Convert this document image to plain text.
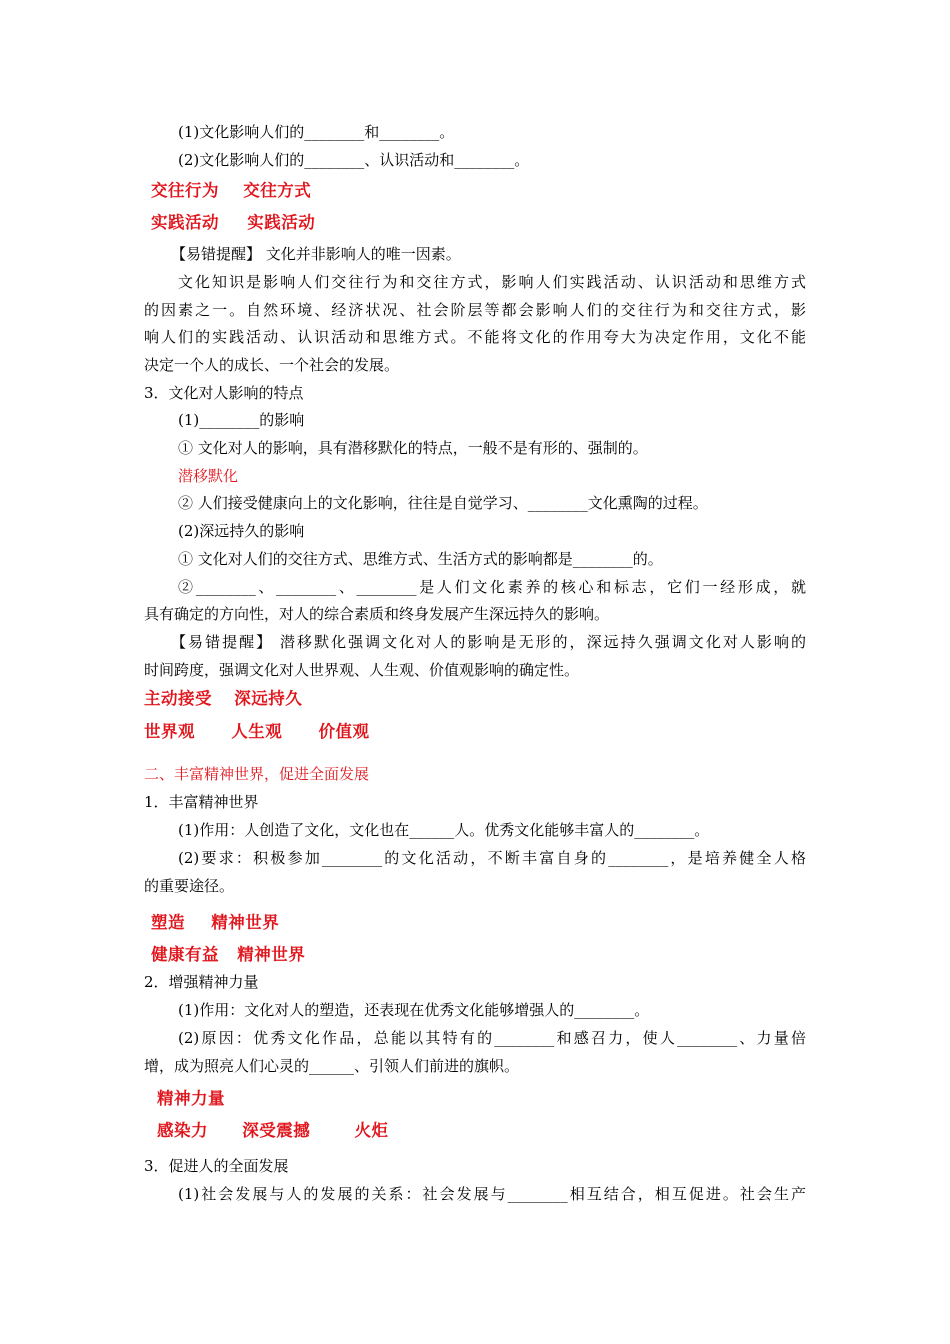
(1)文化影响人们的________和________。
(2)文化影响人们的________、认识活动和________。
交往行为 交往方式
实践活动 实践活动
【易错提醒】 文化并非影响人的唯一因素。
文化知识是影响人们交往行为和交往方式，影响人们实践活动、认识活动和思维方式
的因素之一。自然环境、经济状况、社会阶层等都会影响人们的交往行为和交往方式，影
响人们的实践活动、认识活动和思维方式。不能将文化的作用夸大为决定作用，文化不能
决定一个人的成长、一个社会的发展。
3．文化对人影响的特点
(1)________的影响
① 文化对人的影响，具有潜移默化的特点，一般不是有形的、强制的。
潜移默化
② 人们接受健康向上的文化影响，往往是自觉学习、________文化熏陶的过程。
(2)深远持久的影响
① 文化对人们的交往方式、思维方式、生活方式的影响都是________的。
②________、________、________是人们文化素养的核心和标志，它们一经形成，就
具有确定的方向性，对人的综合素质和终身发展产生深远持久的影响。
【易错提醒】 潜移默化强调文化对人的影响是无形的，深远持久强调文化对人影响的
时间跨度，强调文化对人世界观、人生观、价值观影响的确定性。
主动接受 深远持久
世界观 人生观 价值观
二、丰富精神世界，促进全面发展
1．丰富精神世界
(1)作用：人创造了文化，文化也在______人。优秀文化能够丰富人的________。
(2)要求：积极参加________的文化活动，不断丰富自身的________，是培养健全人格
的重要途径。
塑造 精神世界
健康有益 精神世界
2．增强精神力量
(1)作用：文化对人的塑造，还表现在优秀文化能够增强人的________。
(2)原因：优秀文化作品，总能以其特有的________和感召力，使人________、力量倍
增，成为照亮人们心灵的______、引领人们前进的旗帜。
精神力量
感染力 深受震撼	火炬
3．促进人的全面发展
(1)社会发展与人的发展的关系：社会发展与________相互结合，相互促进。社会生产
